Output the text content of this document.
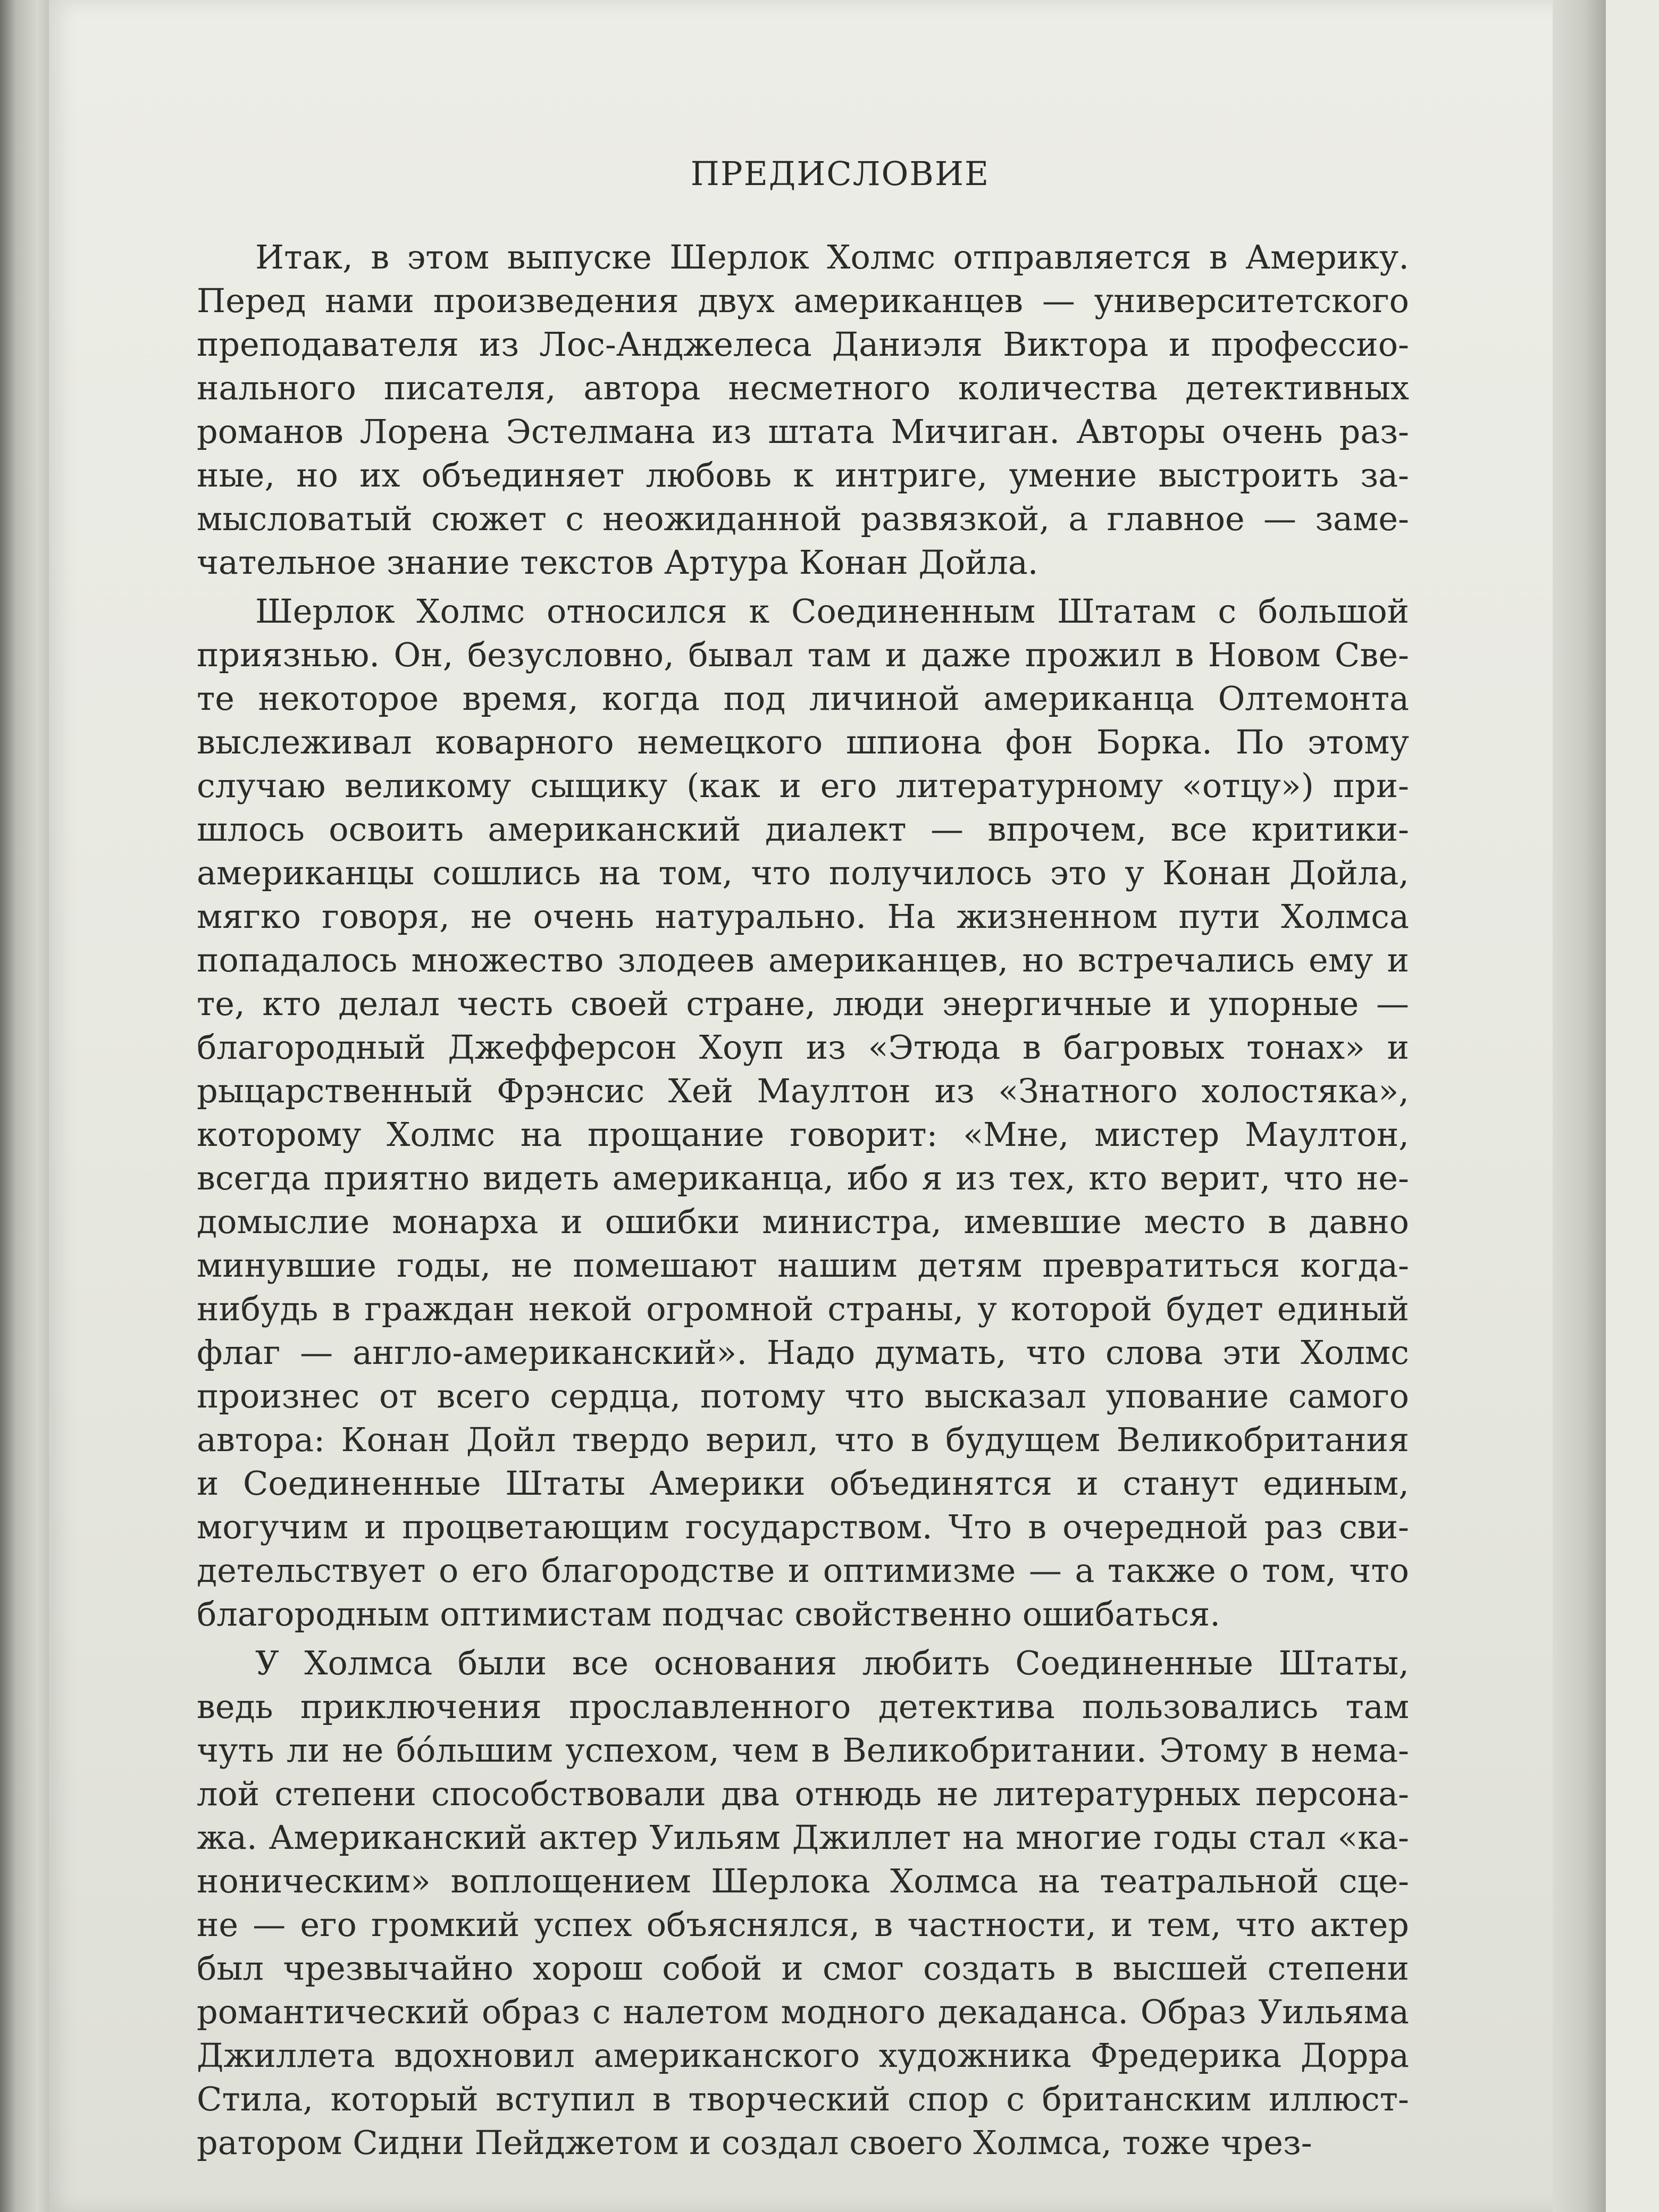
ПРЕДИСЛОВИЕ
Итак, в этом выпуске Шерлок Холмс отправляется в Америку.
Перед нами произведения двух американцев — университетского
преподавателя из Лос-Анджелеса Даниэля Виктора и профессио-
нального писателя, автора несметного количества детективных
романов Лорена Эстелмана из штата Мичиган. Авторы очень раз-
ные, но их объединяет любовь к интриге, умение выстроить за-
мысловатый сюжет с неожиданной развязкой, а главное — заме-
чательное знание текстов Артура Конан Дойла.
Шерлок Холмс относился к Соединенным Штатам с большой
приязнью. Он, безусловно, бывал там и даже прожил в Новом Све-
те некоторое время, когда под личиной американца Олтемонта
выслеживал коварного немецкого шпиона фон Борка. По этому
случаю великому сыщику (как и его литературному «отцу») при-
шлось освоить американский диалект — впрочем, все критики-
американцы сошлись на том, что получилось это у Конан Дойла,
мягко говоря, не очень натурально. На жизненном пути Холмса
попадалось множество злодеев американцев, но встречались ему и
те, кто делал честь своей стране, люди энергичные и упорные —
благородный Джефферсон Хоуп из «Этюда в багровых тонах» и
рыцарственный Фрэнсис Хей Маултон из «Знатного холостяка»,
которому Холмс на прощание говорит: «Мне, мистер Маултон,
всегда приятно видеть американца, ибо я из тех, кто верит, что не-
домыслие монарха и ошибки министра, имевшие место в давно
минувшие годы, не помешают нашим детям превратиться когда-
нибудь в граждан некой огромной страны, у которой будет единый
флаг — англо-американский». Надо думать, что слова эти Холмс
произнес от всего сердца, потому что высказал упование самого
автора: Конан Дойл твердо верил, что в будущем Великобритания
и Соединенные Штаты Америки объединятся и станут единым,
могучим и процветающим государством. Что в очередной раз сви-
детельствует о его благородстве и оптимизме — а также о том, что
благородным оптимистам подчас свойственно ошибаться.
У Холмса были все основания любить Соединенные Штаты,
ведь приключения прославленного детектива пользовались там
чуть ли не бóльшим успехом, чем в Великобритании. Этому в нема-
лой степени способствовали два отнюдь не литературных персона-
жа. Американский актер Уильям Джиллет на многие годы стал «ка-
ноническим» воплощением Шерлока Холмса на театральной сце-
не — его громкий успех объяснялся, в частности, и тем, что актер
был чрезвычайно хорош собой и смог создать в высшей степени
романтический образ с налетом модного декаданса. Образ Уильяма
Джиллета вдохновил американского художника Фредерика Дорра
Стила, который вступил в творческий спор с британским иллюст-
ратором Сидни Пейджетом и создал своего Холмса, тоже чрез-
